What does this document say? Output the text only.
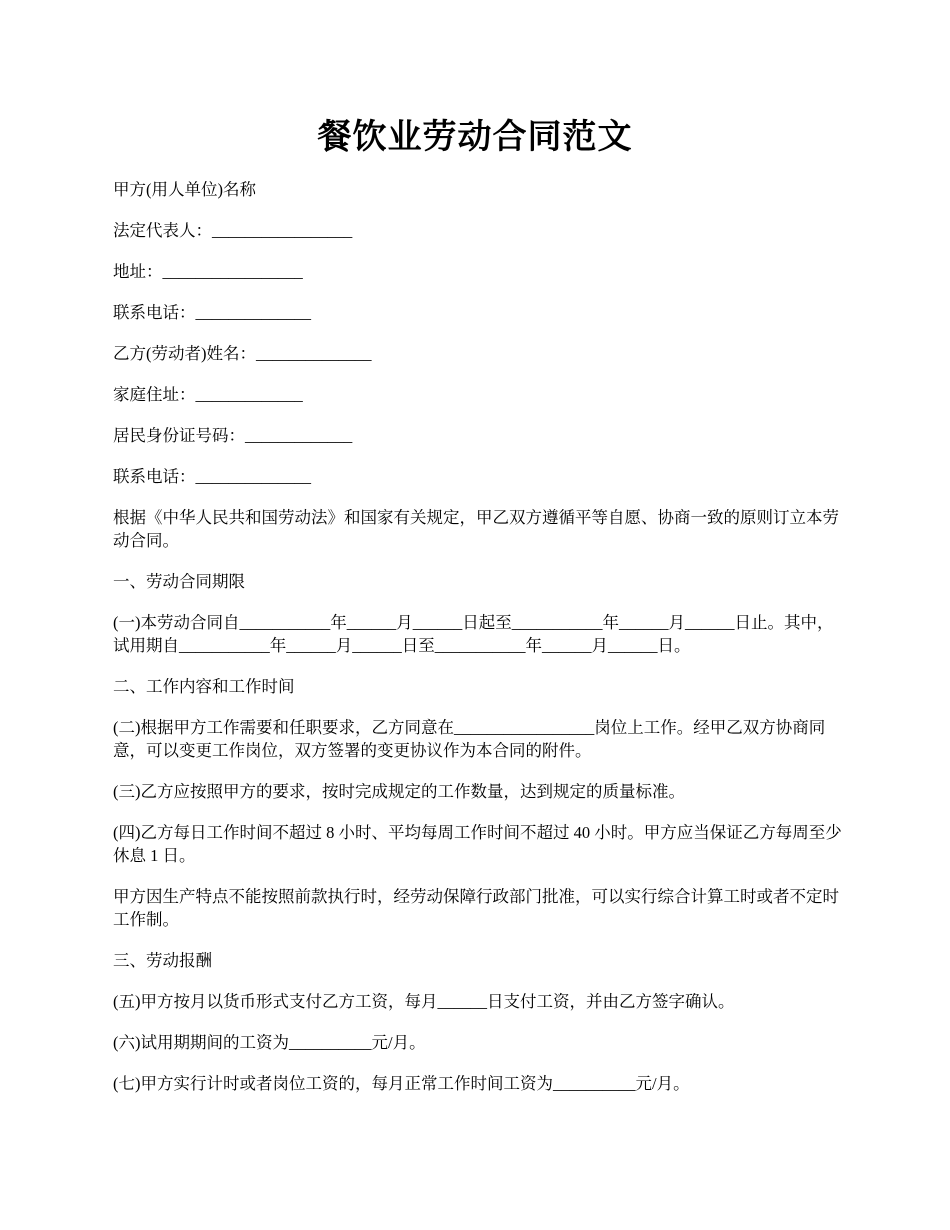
餐饮业劳动合同范文

甲方(用人单位)名称

法定代表人：_________________

地址：_________________

联系电话：______________

乙方(劳动者)姓名：______________

家庭住址：_____________

居民身份证号码：_____________

联系电话：______________

根据《中华人民共和国劳动法》和国家有关规定，甲乙双方遵循平等自愿、协商一致的原则订立本劳动合同。

一、劳动合同期限

(一)本劳动合同自___________年______月______日起至___________年______月______日止。其中，试用期自___________年______月______日至___________年______月______日。

二、工作内容和工作时间

(二)根据甲方工作需要和任职要求，乙方同意在_________________岗位上工作。经甲乙双方协商同意，可以变更工作岗位，双方签署的变更协议作为本合同的附件。

(三)乙方应按照甲方的要求，按时完成规定的工作数量，达到规定的质量标准。

(四)乙方每日工作时间不超过 8 小时、平均每周工作时间不超过 40 小时。甲方应当保证乙方每周至少休息 1 日。

甲方因生产特点不能按照前款执行时，经劳动保障行政部门批准，可以实行综合计算工时或者不定时工作制。

三、劳动报酬

(五)甲方按月以货币形式支付乙方工资，每月______日支付工资，并由乙方签字确认。

(六)试用期期间的工资为__________元/月。

(七)甲方实行计时或者岗位工资的，每月正常工作时间工资为__________元/月。
